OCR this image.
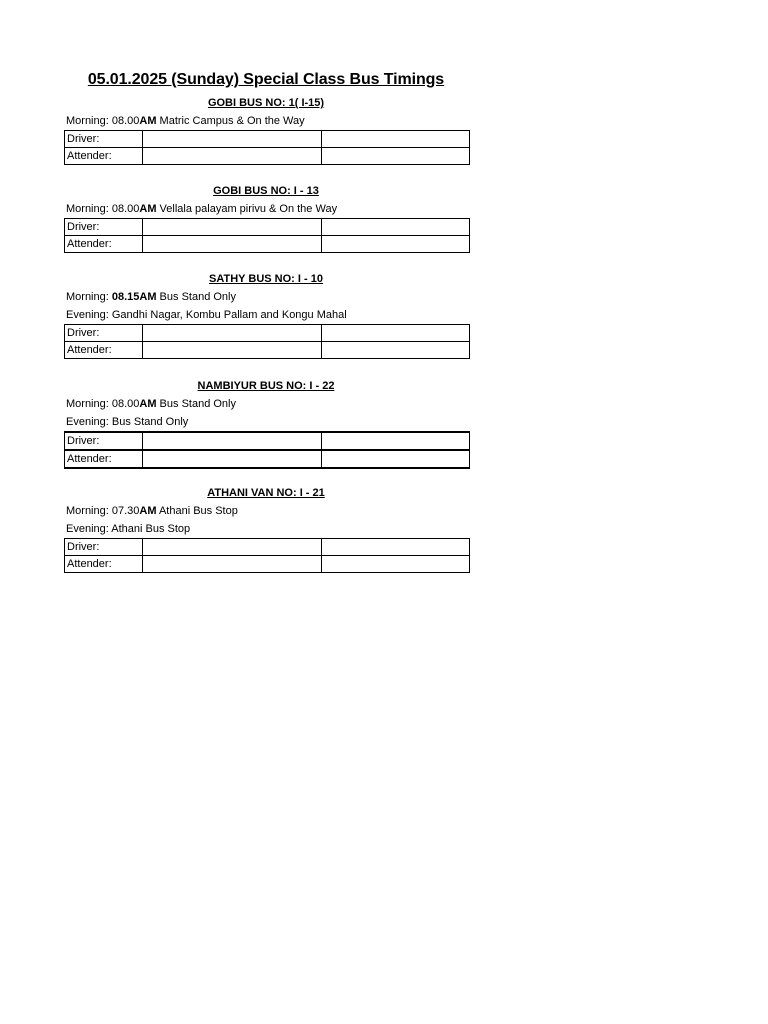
05.01.2025 (Sunday) Special Class Bus Timings
GOBI BUS NO: 1( I-15)
Morning: 08.00AM Matric Campus & On the Way
Driver:		
Attender:		
GOBI BUS NO: I - 13
Morning: 08.00AM Vellala palayam pirivu & On the Way
Driver:		
Attender:		
SATHY BUS NO: I - 10
Morning: 08.15AM Bus Stand Only
Evening: Gandhi Nagar, Kombu Pallam and Kongu Mahal
Driver:		
Attender:		
NAMBIYUR BUS NO: I - 22
Morning: 08.00AM Bus Stand Only
Evening: Bus Stand Only
Driver:		
Attender:		
ATHANI VAN NO: I - 21
Morning: 07.30AM Athani Bus Stop
Evening: Athani Bus Stop
Driver:		
Attender:		
